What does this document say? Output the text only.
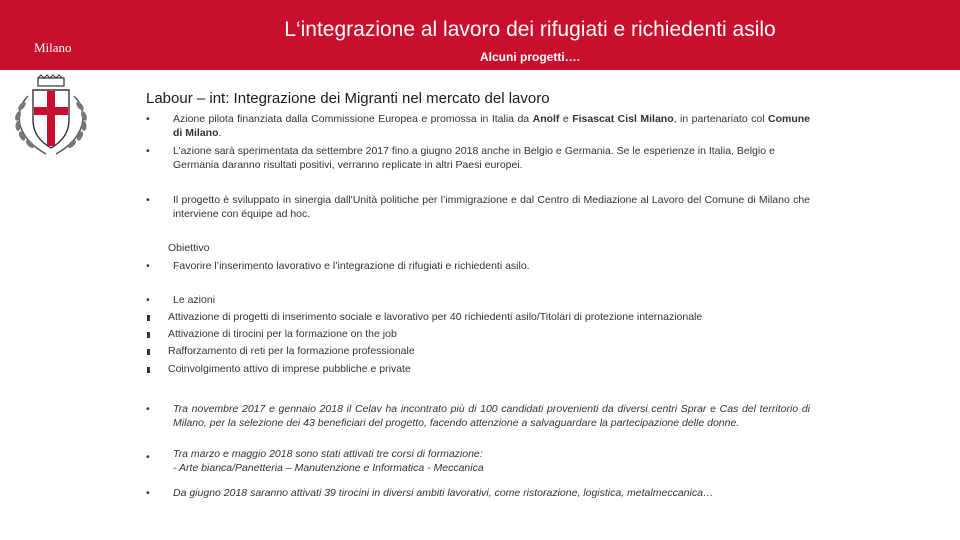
Milano
L‘integrazione al lavoro dei rifugiati e richiedenti asilo
Alcuni progetti….
Labour – int: Integrazione dei Migranti nel mercato del lavoro
•	Azione pilota finanziata dalla Commissione Europea e promossa in Italia da Anolf e Fisascat Cisl Milano, in partenariato col Comune di Milano.
•	L’azione sarà sperimentata da settembre 2017 fino a giugno 2018 anche in Belgio e Germania. Se le esperienze in Italia, Belgio e Germania daranno risultati positivi, verranno replicate in altri Paesi europei.
•	Il progetto è sviluppato in sinergia dall'Unità politiche per l’immigrazione e dal Centro di Mediazione al Lavoro del Comune di Milano che interviene con équipe ad hoc.
Obiettivo
•	Favorire l’inserimento lavorativo e l’integrazione di rifugiati e richiedenti asilo.
•	Le azioni
Attivazione di progetti di inserimento sociale e lavorativo per 40 richiedenti asilo/Titolari di protezione internazionale
Attivazione di tirocini per la formazione on the job
Rafforzamento di reti per la formazione professionale
Coinvolgimento attivo di imprese pubbliche e private
•	Tra novembre 2017 e gennaio 2018 il Celav ha incontrato più di 100 candidati provenienti da diversi centri Sprar e Cas del territorio di Milano, per la selezione dei 43 beneficiari del progetto, facendo attenzione a salvaguardare la partecipazione delle donne.
•	Tra marzo e maggio 2018 sono stati attivati tre corsi di formazione:
- Arte bianca/Panetteria – Manutenzione e Informatica - Meccanica
•	Da giugno 2018 saranno attivati 39 tirocini in diversi ambiti lavorativi, come ristorazione, logistica, metalmeccanica…
